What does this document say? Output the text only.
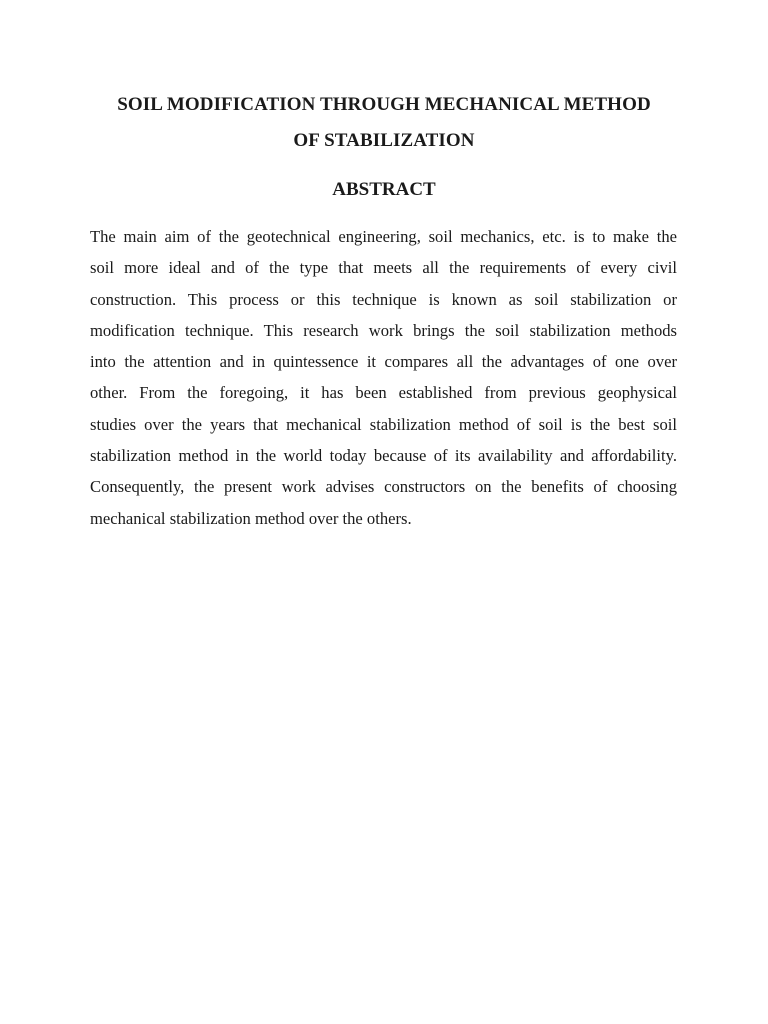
SOIL MODIFICATION THROUGH MECHANICAL METHOD
OF STABILIZATION
ABSTRACT
The main aim of the geotechnical engineering, soil mechanics, etc. is to make the
soil more ideal and of the type that meets all the requirements of every civil
construction. This process or this technique is known as soil stabilization or
modification technique. This research work brings the soil stabilization methods
into the attention and in quintessence it compares all the advantages of one over
other. From the foregoing, it has been established from previous geophysical
studies over the years that mechanical stabilization method of soil is the best soil
stabilization method in the world today because of its availability and affordability.
Consequently, the present work advises constructors on the benefits of choosing
mechanical stabilization method over the others.
